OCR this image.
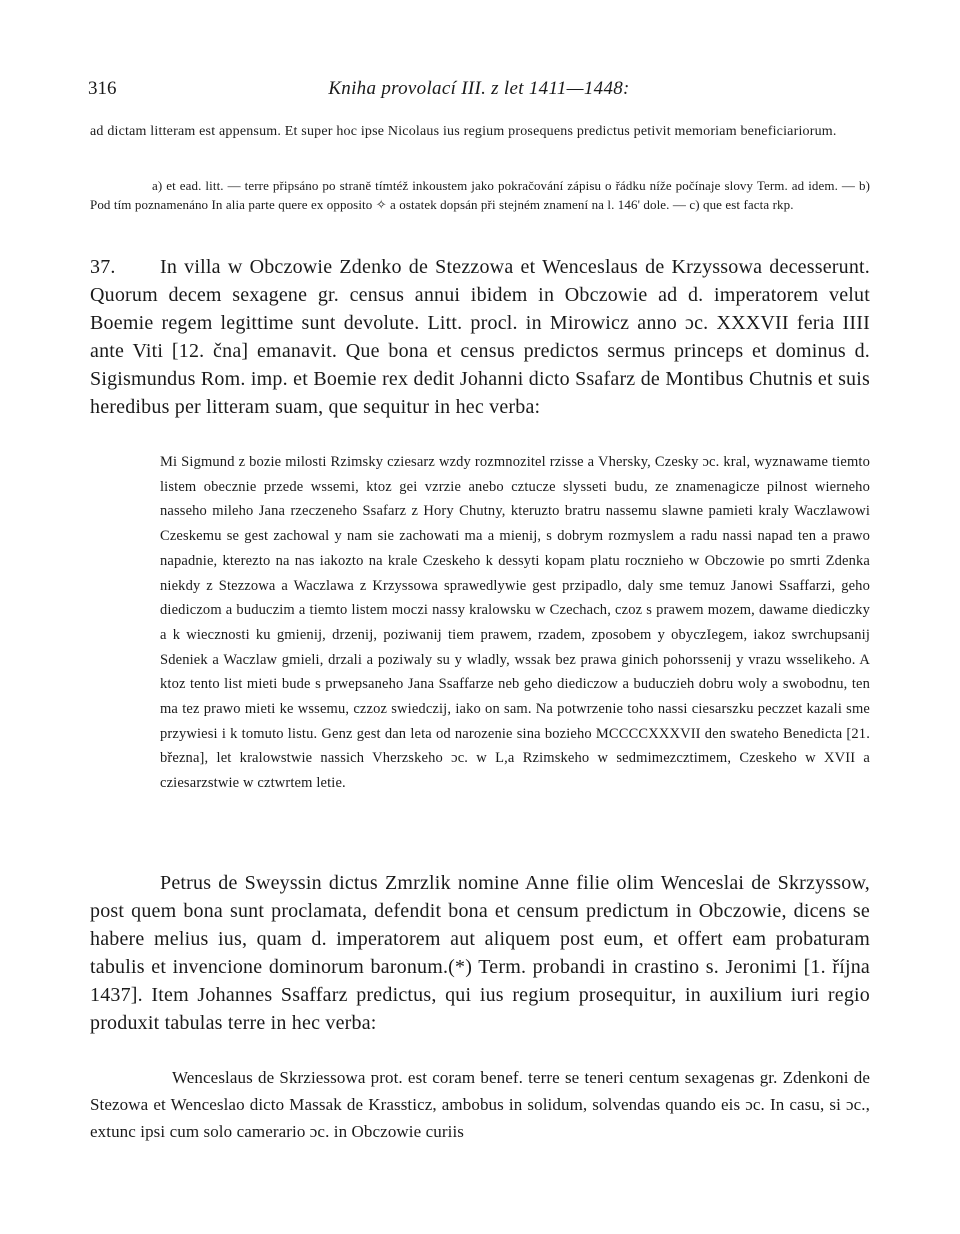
316	Kniha provolací III. z let 1411—1448:

ad dictam litteram est appensum. Et super hoc ipse Nicolaus ius regium prosequens predictus petivit memoriam beneficiariorum.

a) et ead. litt. — terre připsáno po straně tímtéž inkoustem jako pokračování zápisu o řádku níže počínaje slovy Term. ad idem. — b) Pod tím poznamenáno In alia parte quere ex opposito ✧ a ostatek dopsán při stejném znamení na l. 146' dole. — c) que est facta rkp.

37. In villa w Obczowie Zdenko de Stezzowa et Wenceslaus de Krzyssowa decesserunt. Quorum decem sexagene gr. census annui ibidem in Obczowie ad d. imperatorem velut Boemie regem legittime sunt devolute. Litt. procl. in Mirowicz anno ɔc. XXXVII feria IIII ante Viti [12. čna] emanavit. Que bona et census predictos sermus princeps et dominus d. Sigismundus Rom. imp. et Boemie rex dedit Johanni dicto Ssafarz de Montibus Chutnis et suis heredibus per litteram suam, que sequitur in hec verba:

Mi Sigmund z bozie milosti Rzimsky cziesarz wzdy rozmnozitel rzisse a Vhersky, Czesky ɔc. kral, wyznawame tiemto listem obecznie przede wssemi, ktoz gei vzrzie anebo cztucze slysseti budu, ze znamenagicze pilnost wierneho nasseho mileho Jana rzeczeneho Ssafarz z Hory Chutny, kteruzto bratru nassemu slawne pamieti kraly Waczlawowi Czeskemu se gest zachowal y nam sie zachowati ma a mienij, s dobrym rozmyslem a radu nassi napad ten a prawo napadnie, kterezto na nas iakozto na krale Czeskeho k dessyti kopam platu rocznieho w Obczowie po smrti Zdenka niekdy z Stezzowa a Waczlawa z Krzyssowa sprawedlywie gest przipadlo, daly sme temuz Janowi Ssaffarzi, geho diediczom a buduczim a tiemto listem moczi nassy kralowsku w Czechach, czoz s prawem mozem, dawame diediczky a k wiecznosti ku gmienij, drzenij, poziwanij tiem prawem, rzadem, zposobem y obyczIegem, iakoz swrchupsanij Sdeniek a Waczlaw gmieli, drzali a poziwaly su y wladly, wssak bez prawa ginich pohorssenij y vrazu wsselikeho. A ktoz tento list mieti bude s prwepsaneho Jana Ssaffarze neb geho diediczow a buduczieh dobru woly a swobodnu, ten ma tez prawo mieti ke wssemu, czzoz swiedczij, iako on sam. Na potwrzenie toho nassi ciesarszku peczzet kazali sme przywiesi i k tomuto listu. Genz gest dan leta od narozenie sina bozieho MCCCCXXXVII den swateho Benedicta [21. března], let kralowstwie nassich Vherzskeho ɔc. w L,a Rzimskeho w sedmimezcztimem, Czeskeho w XVII a cziesarzstwie w cztwrtem letie.

Petrus de Sweyssin dictus Zmrzlik nomine Anne filie olim Wenceslai de Skrzyssow, post quem bona sunt proclamata, defendit bona et censum predictum in Obczowie, dicens se habere melius ius, quam d. imperatorem aut aliquem post eum, et offert eam probaturam tabulis et invencione dominorum baronum.(*) Term. probandi in crastino s. Jeronimi [1. října 1437]. Item Johannes Ssaffarz predictus, qui ius regium prosequitur, in auxilium iuri regio produxit tabulas terre in hec verba:

Wenceslaus de Skrziessowa prot. est coram benef. terre se teneri centum sexagenas gr. Zdenkoni de Stezowa et Wenceslao dicto Massak de Krassticz, ambobus in solidum, solvendas quando eis ɔc. In casu, si ɔc., extunc ipsi cum solo camerario ɔc. in Obczowie curiis
